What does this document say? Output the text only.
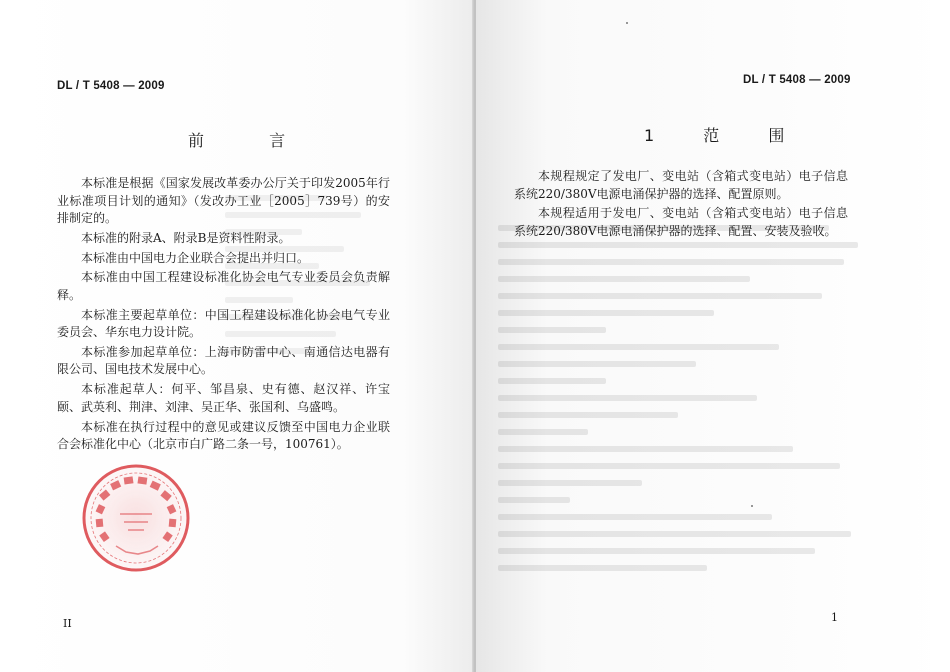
DL / T 5408 — 2009
前 言

本标准是根据《国家发展改革委办公厅关于印发2005年行业标准项目计划的通知》（发改办工业［2005］739号）的安排制定的。

本标准的附录A、附录B是资料性附录。

本标准由中国电力企业联合会提出并归口。

本标准由中国工程建设标准化协会电气专业委员会负责解释。

本标准主要起草单位：中国工程建设标准化协会电气专业委员会、华东电力设计院。

本标准参加起草单位：上海市防雷中心、南通信达电器有限公司、国电技术发展中心。

本标准起草人：何平、邹昌泉、史有德、赵汉祥、许宝颐、武英利、荆津、刘津、吴正华、张国利、乌盛鸣。

本标准在执行过程中的意见或建议反馈至中国电力企业联合会标准化中心（北京市白广路二条一号，100761）。

II
DL / T 5408 — 2009
1 范 围

本规程规定了发电厂、变电站（含箱式变电站）电子信息系统220/380V电源电涌保护器的选择、配置原则。

本规程适用于发电厂、变电站（含箱式变电站）电子信息系统220/380V电源电涌保护器的选择、配置、安装及验收。

1
